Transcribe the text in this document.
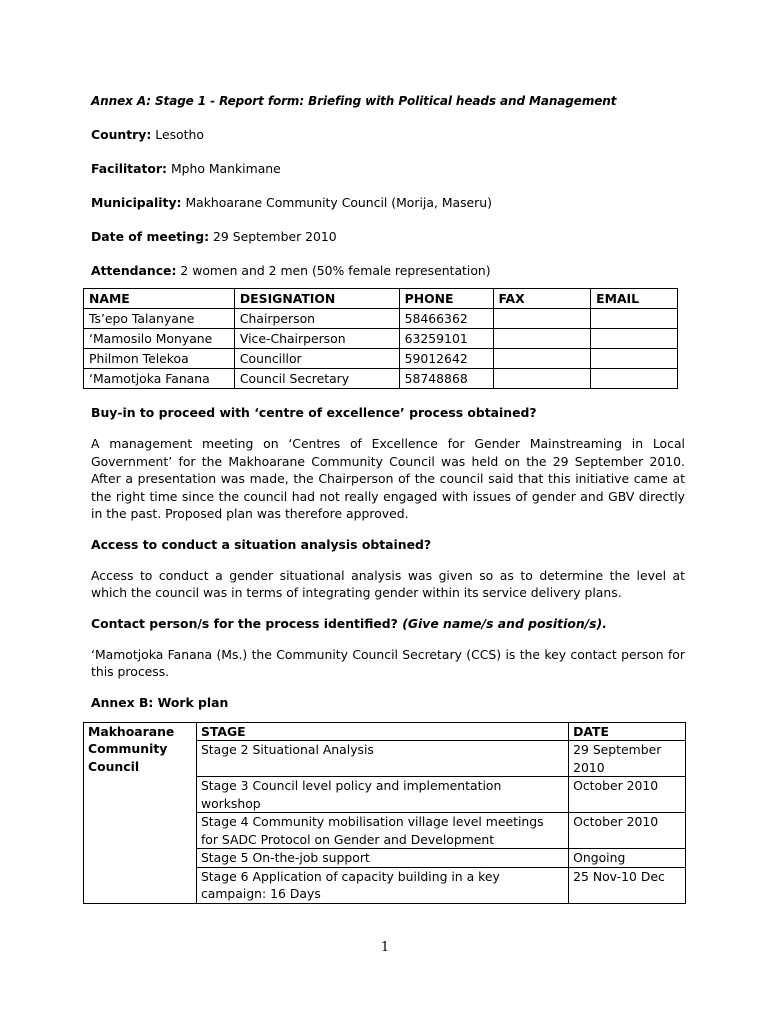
Annex A: Stage 1 - Report form: Briefing with Political heads and Management
Country: Lesotho
Facilitator: Mpho Mankimane
Municipality: Makhoarane Community Council (Morija, Maseru)
Date of meeting: 29 September 2010
Attendance: 2 women and 2 men (50% female representation)
NAME	DESIGNATION	PHONE	FAX	EMAIL
Ts’epo Talanyane	Chairperson	58466362		
‘Mamosilo Monyane	Vice-Chairperson	63259101		
Philmon Telekoa	Councillor	59012642		
‘Mamotjoka Fanana	Council Secretary	58748868		
Buy-in to proceed with ‘centre of excellence’ process obtained?
A management meeting on ‘Centres of Excellence for Gender Mainstreaming in Local Government’ for the Makhoarane Community Council was held on the 29 September 2010. After a presentation was made, the Chairperson of the council said that this initiative came at the right time since the council had not really engaged with issues of gender and GBV directly in the past. Proposed plan was therefore approved.
Access to conduct a situation analysis obtained?
Access to conduct a gender situational analysis was given so as to determine the level at which the council was in terms of integrating gender within its service delivery plans.
Contact person/s for the process identified? (Give name/s and position/s).
‘Mamotjoka Fanana (Ms.) the Community Council Secretary (CCS) is the key contact person for this process.
Annex B: Work plan
Makhoarane Community Council	STAGE	DATE
	Stage 2 Situational Analysis	29 September 2010
	Stage 3 Council level policy and implementation workshop	October 2010
	Stage 4 Community mobilisation village level meetings for SADC Protocol on Gender and Development	October 2010
	Stage 5 On-the-job support	Ongoing
	Stage 6 Application of capacity building in a key campaign: 16 Days	25 Nov-10 Dec
1
